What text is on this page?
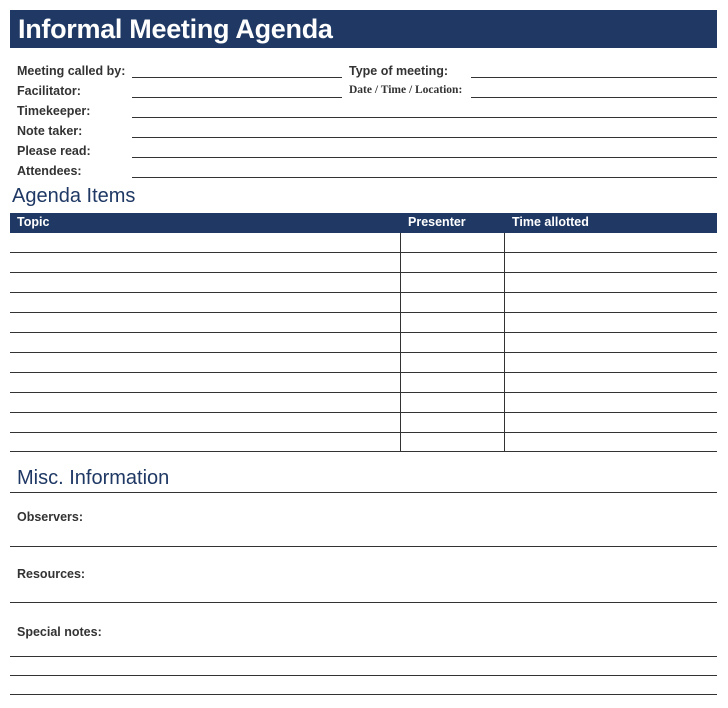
Informal Meeting Agenda
Meeting called by:	Type of meeting:
Facilitator:	Date / Time / Location:
Timekeeper:
Note taker:
Please read:
Attendees:
Agenda Items
Topic	Presenter	Time allotted
Misc. Information
Observers:
Resources:
Special notes:
